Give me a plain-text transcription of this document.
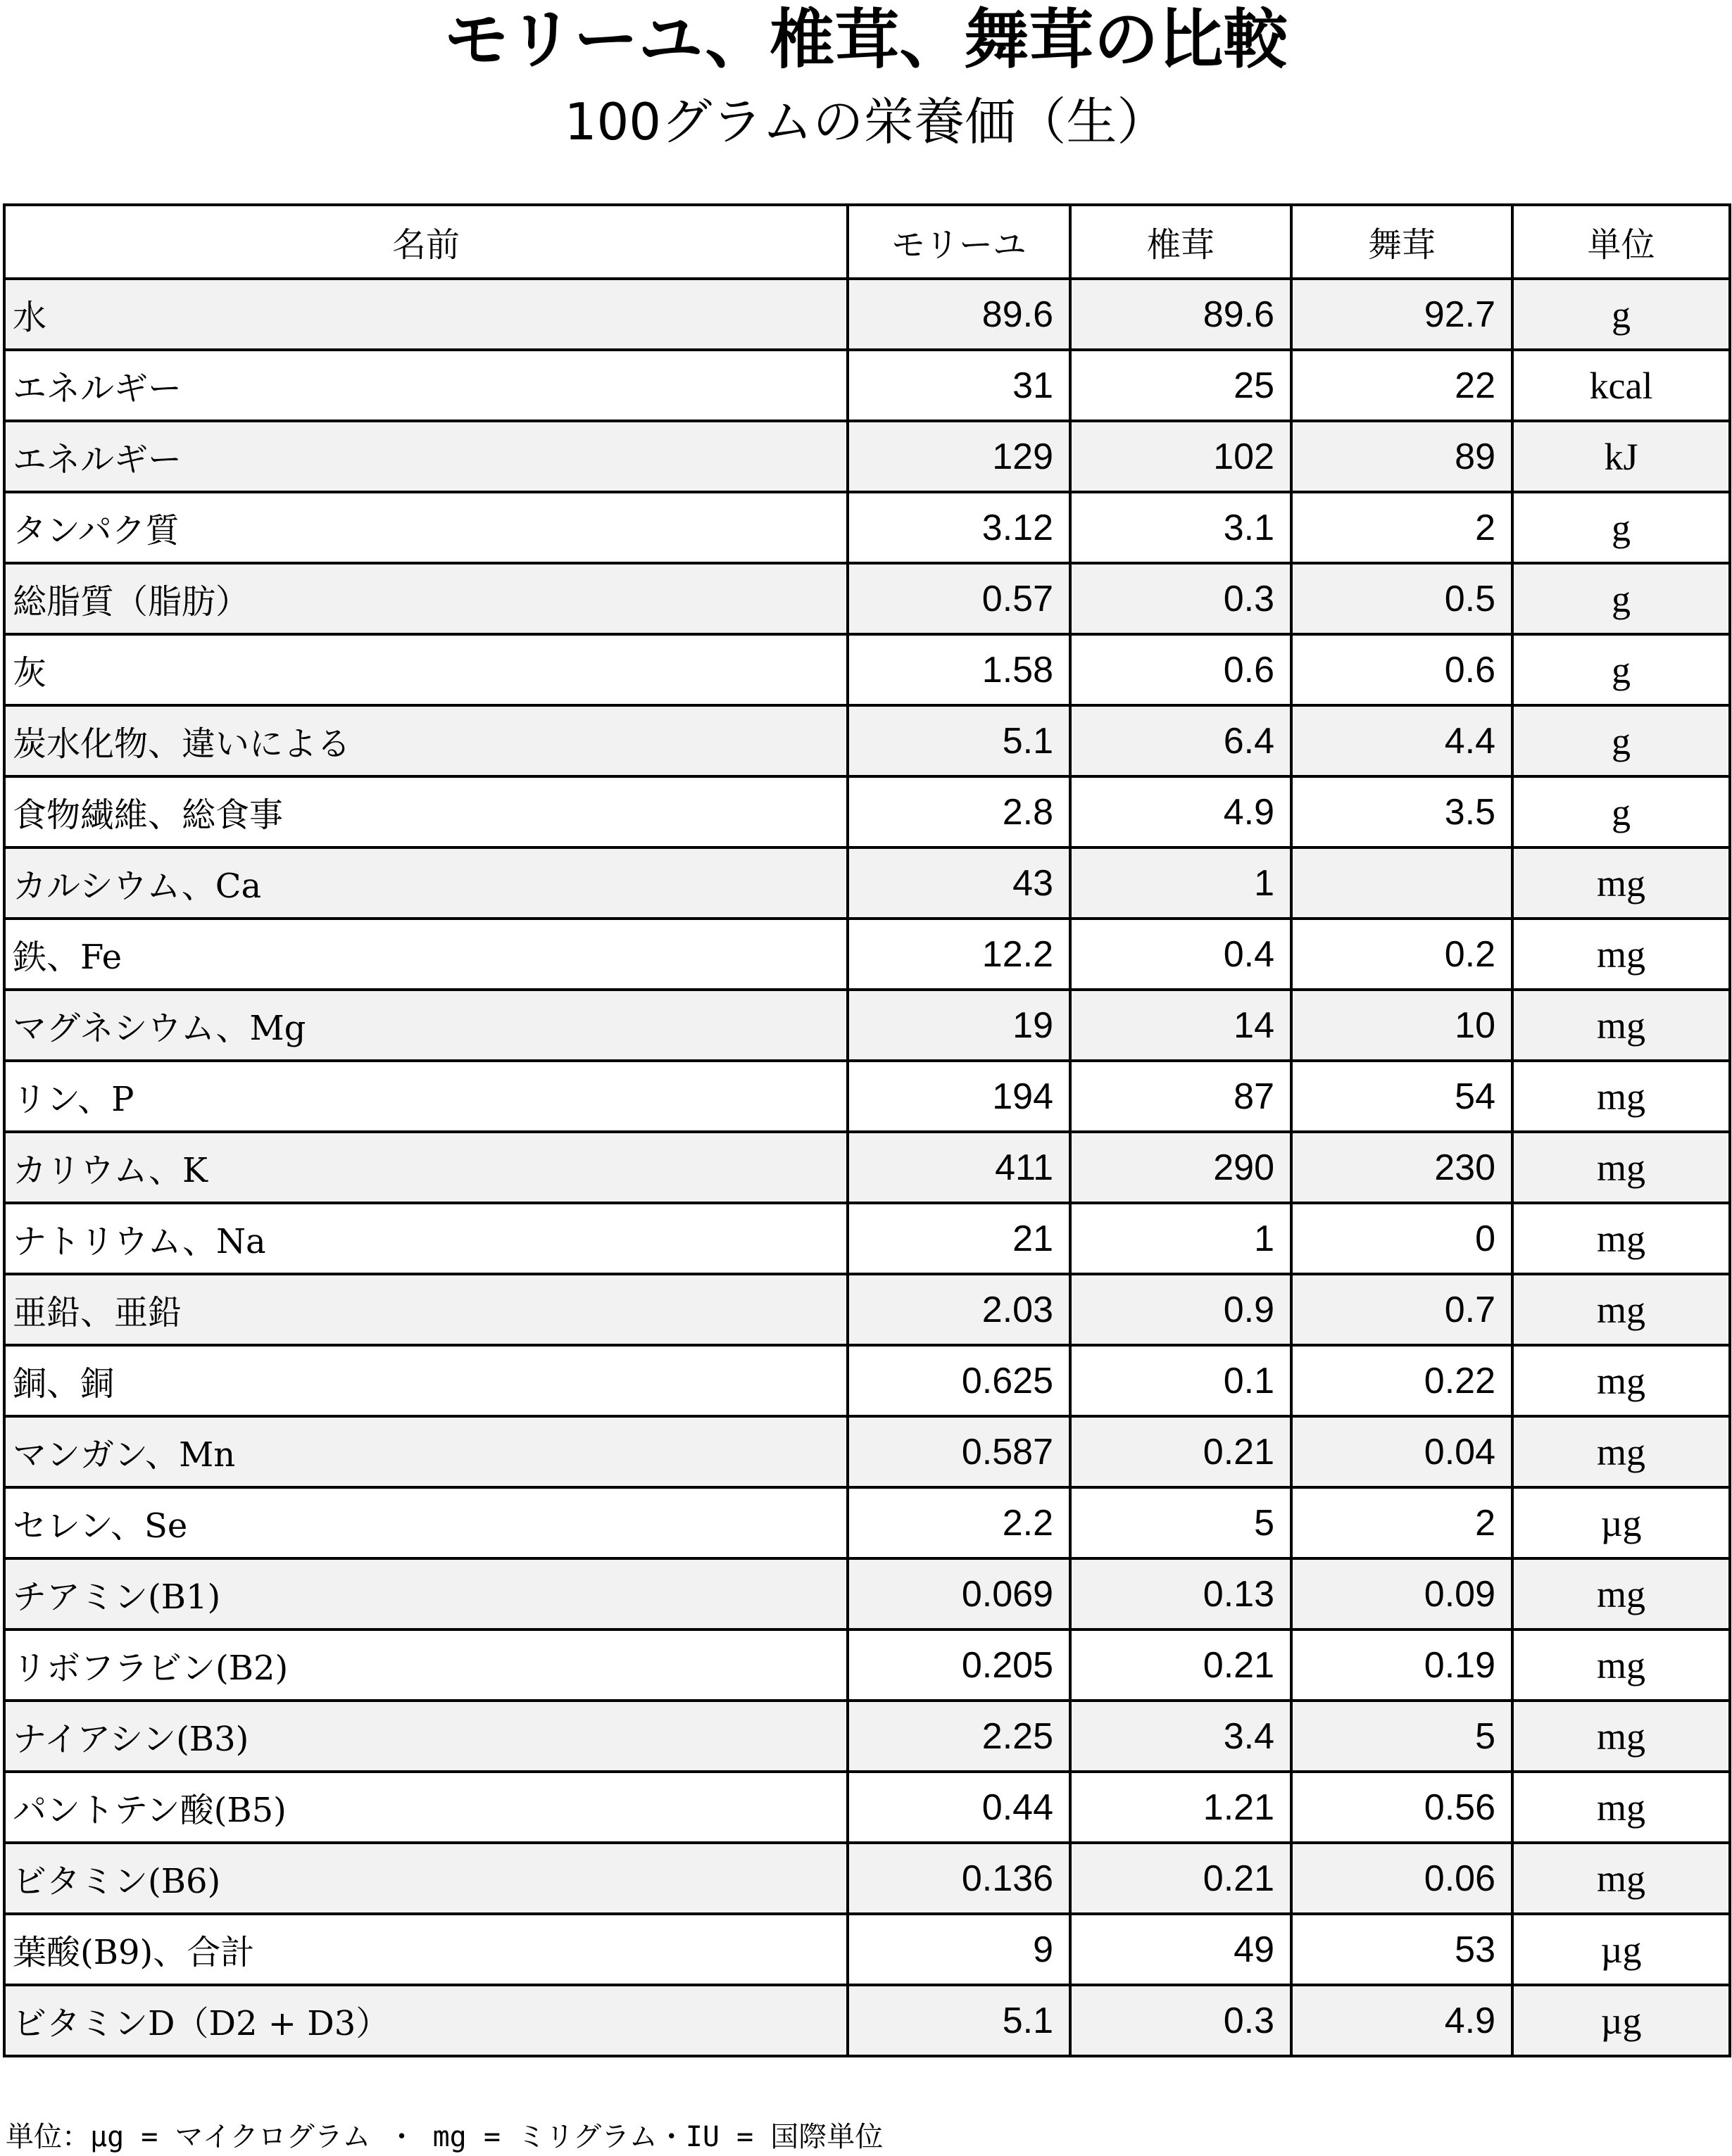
モリーユ、椎茸、舞茸の比較
100グラムの栄養価（生）
名前	モリーユ	椎茸	舞茸	単位
水	89.6	89.6	92.7	g
エネルギー	31	25	22	kcal
エネルギー	129	102	89	kJ
タンパク質	3.12	3.1	2	g
総脂質（脂肪）	0.57	0.3	0.5	g
灰	1.58	0.6	0.6	g
炭水化物、違いによる	5.1	6.4	4.4	g
食物繊維、総食事	2.8	4.9	3.5	g
カルシウム、Ca	43	1		mg
鉄、Fe	12.2	0.4	0.2	mg
マグネシウム、Mg	19	14	10	mg
リン、P	194	87	54	mg
カリウム、K	411	290	230	mg
ナトリウム、Na	21	1	0	mg
亜鉛、亜鉛	2.03	0.9	0.7	mg
銅、銅	0.625	0.1	0.22	mg
マンガン、Mn	0.587	0.21	0.04	mg
セレン、Se	2.2	5	2	µg
チアミン(B1)	0.069	0.13	0.09	mg
リボフラビン(B2)	0.205	0.21	0.19	mg
ナイアシン(B3)	2.25	3.4	5	mg
パントテン酸(B5)	0.44	1.21	0.56	mg
ビタミン(B6)	0.136	0.21	0.06	mg
葉酸(B9)、合計	9	49	53	µg
ビタミンD（D2 + D3）	5.1	0.3	4.9	µg
単位：µg = マイクログラム ・ mg = ミリグラム・IU = 国際単位
